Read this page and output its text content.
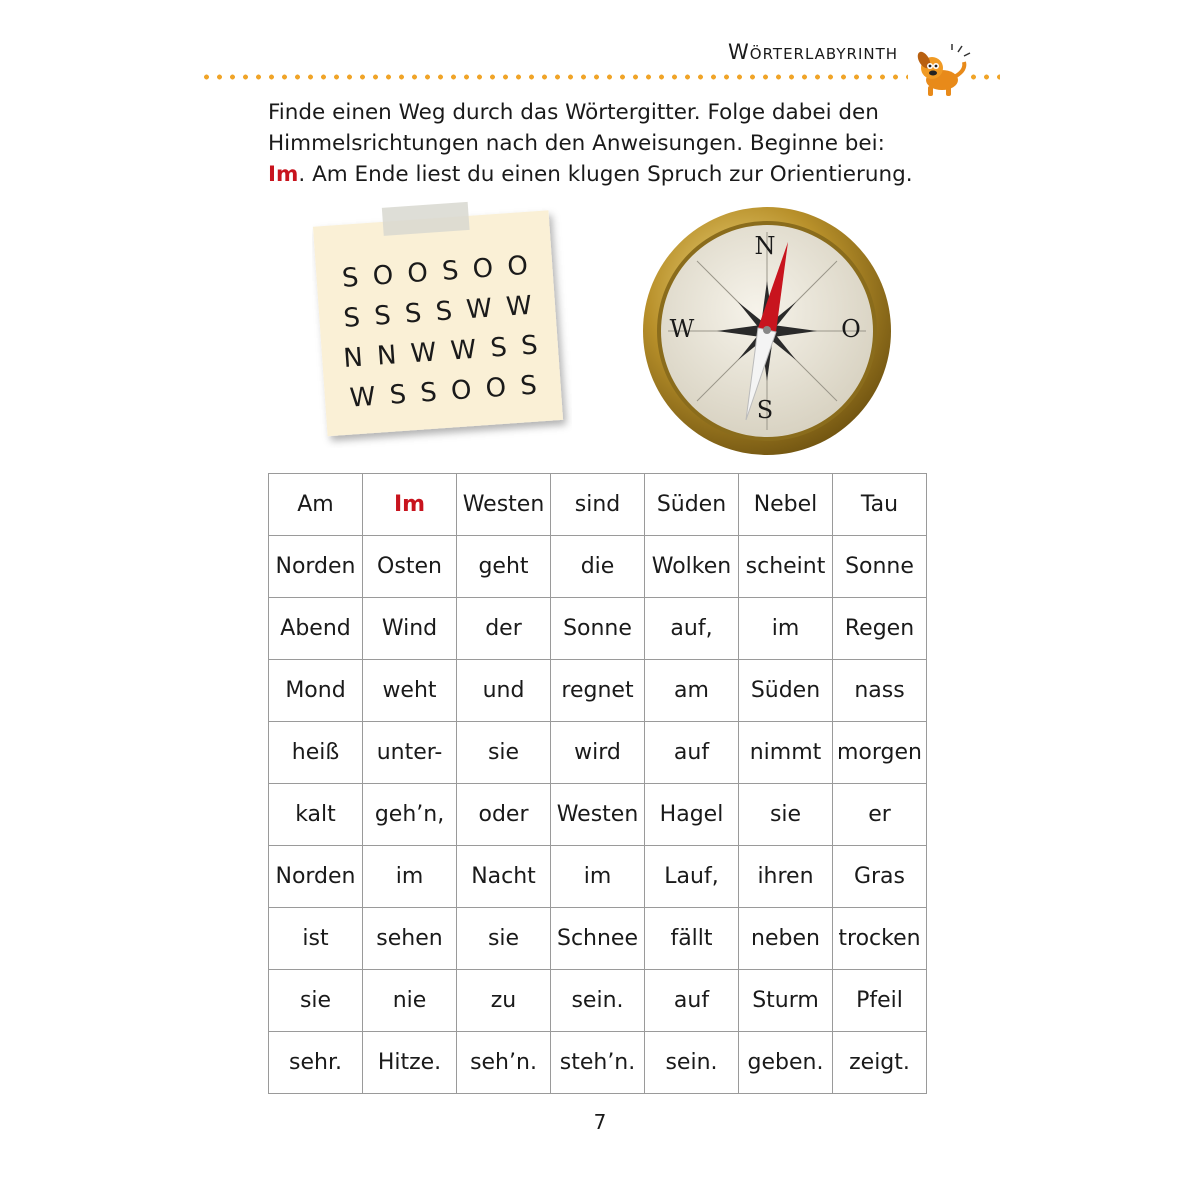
Wörterlabyrinth
Finde einen Weg durch das Wörtergitter. Folge dabei den
Himmelsrichtungen nach den Anweisungen. Beginne bei:
Im. Am Ende liest du einen klugen Spruch zur Orientierung.
S O O S O O
S S S S W W
N N W W S S
W S S O O S
N
O
S
W
Am	Im	Westen	sind	Süden	Nebel	Tau
Norden	Osten	geht	die	Wolken	scheint	Sonne
Abend	Wind	der	Sonne	auf,	im	Regen
Mond	weht	und	regnet	am	Süden	nass
heiß	unter-	sie	wird	auf	nimmt	morgen
kalt	geh’n,	oder	Westen	Hagel	sie	er
Norden	im	Nacht	im	Lauf,	ihren	Gras
ist	sehen	sie	Schnee	fällt	neben	trocken
sie	nie	zu	sein.	auf	Sturm	Pfeil
sehr.	Hitze.	seh’n.	steh’n.	sein.	geben.	zeigt.
7
